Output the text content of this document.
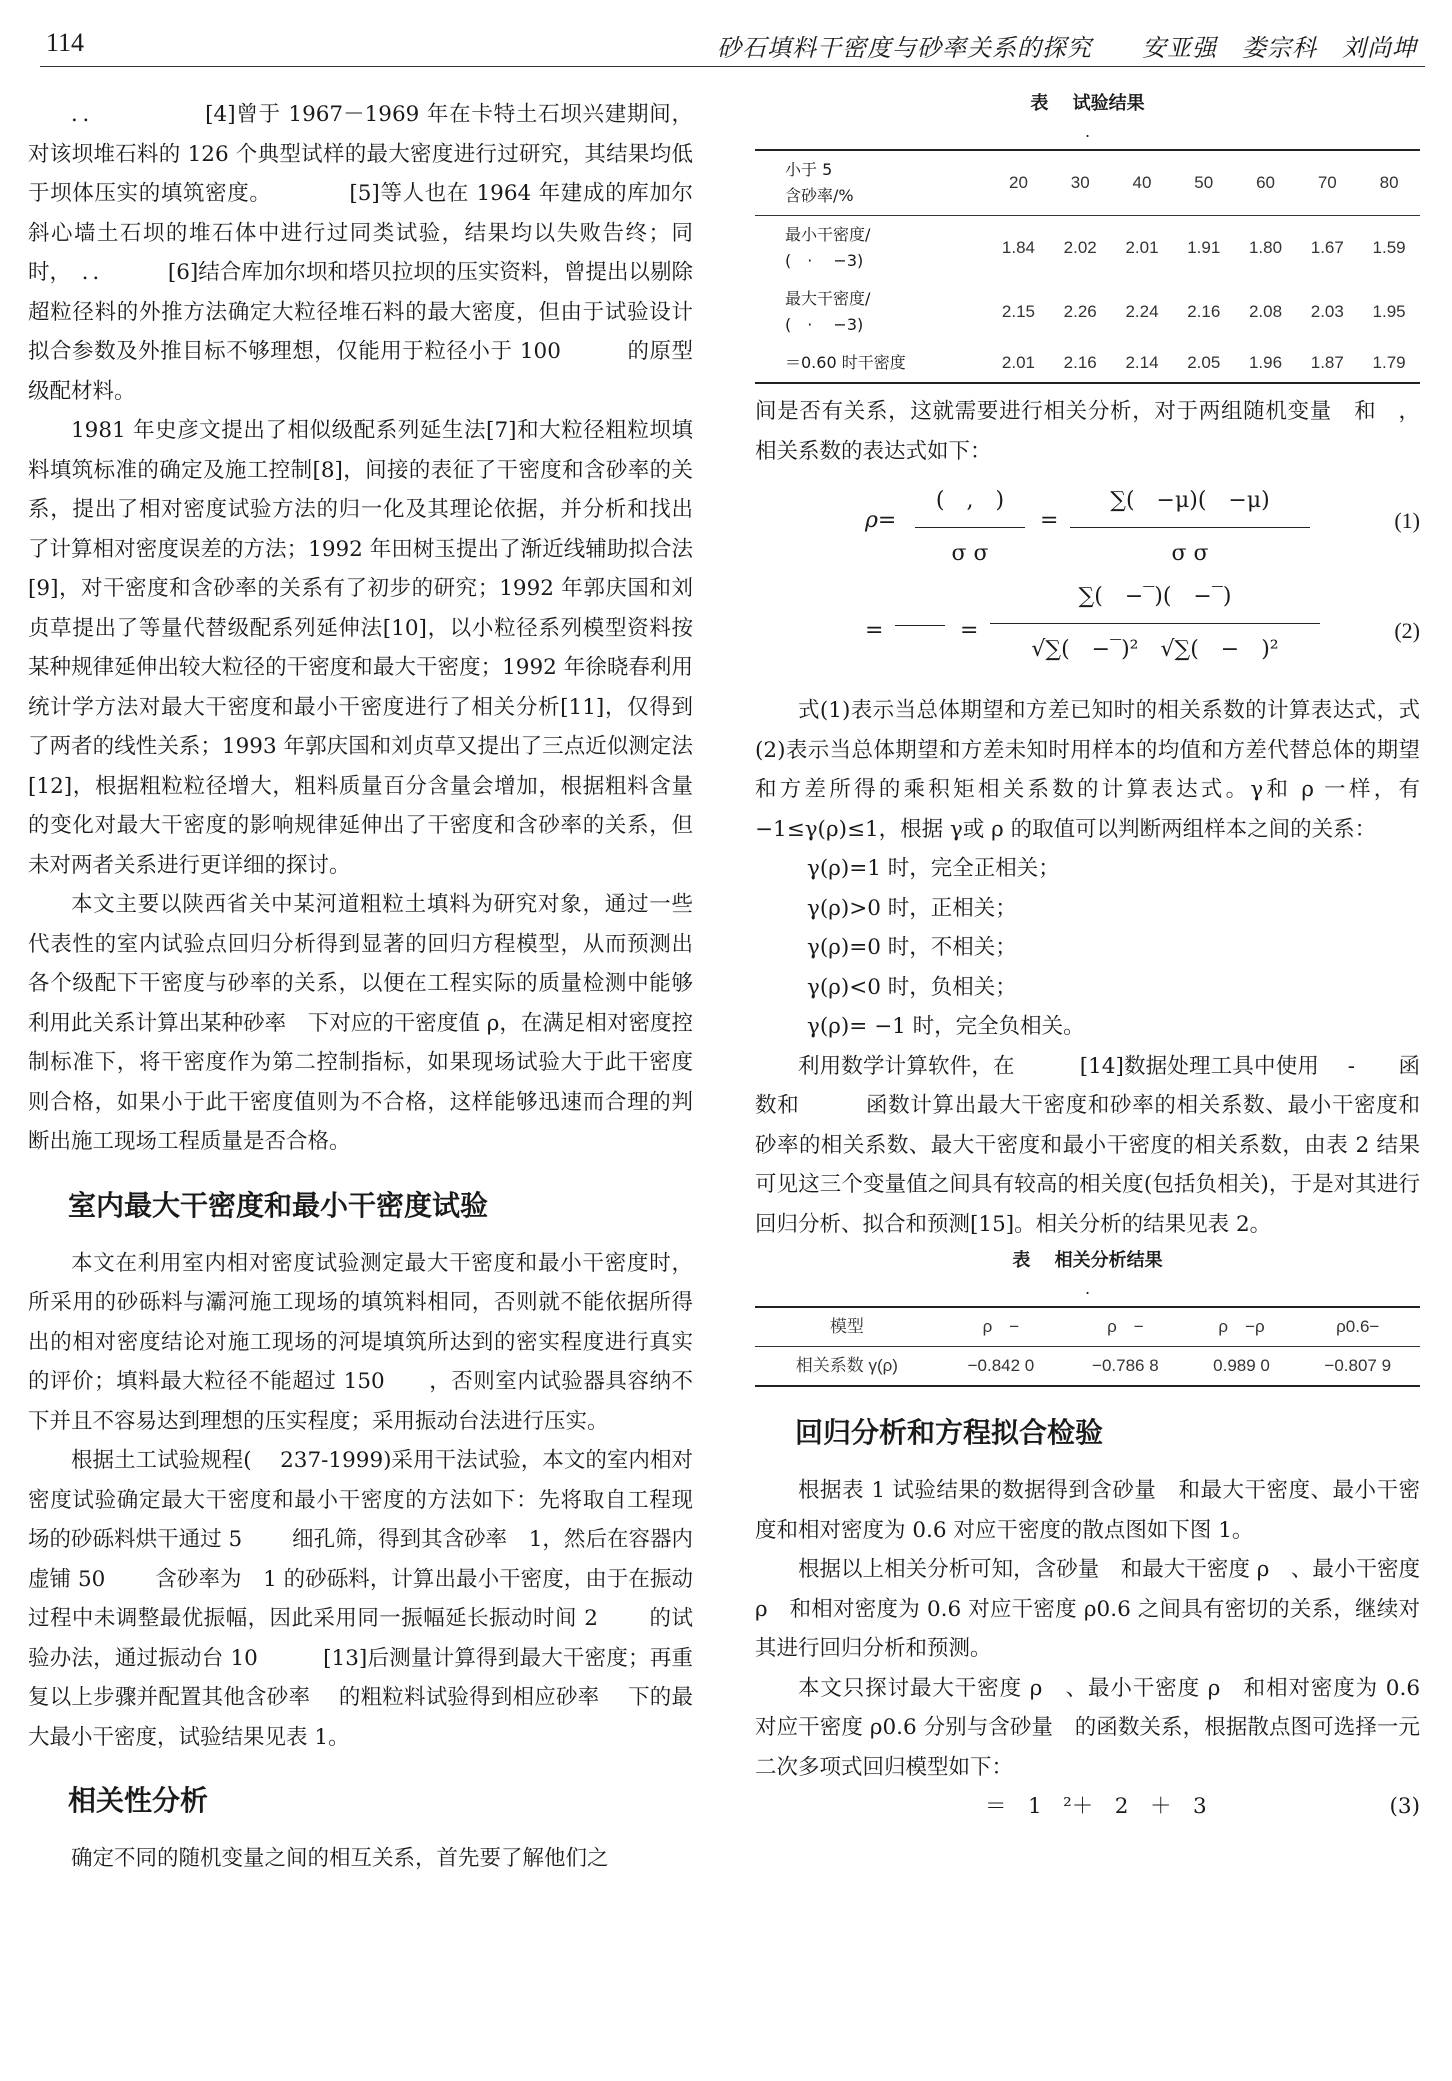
114	砂石填料干密度与砂率关系的探究　　安亚强　娄宗科　刘尚坤

．．　　　　　[4]曾于 1967－1969 年在卡特土石坝兴建期间，对该坝堆石料的 126 个典型试样的最大密度进行过研究，其结果均低于坝体压实的填筑密度。　　　　[5]等人也在 1964 年建成的库加尔斜心墙土石坝的堆石体中进行过同类试验，结果均以失败告终；同时，　．．　　　[6]结合库加尔坝和塔贝拉坝的压实资料，曾提出以剔除超粒径料的外推方法确定大粒径堆石料的最大密度，但由于试验设计拟合参数及外推目标不够理想，仅能用于粒径小于 100　　　的原型级配材料。

1981 年史彦文提出了相似级配系列延生法[7]和大粒径粗粒坝填料填筑标准的确定及施工控制[8]，间接的表征了干密度和含砂率的关系，提出了相对密度试验方法的归一化及其理论依据，并分析和找出了计算相对密度误差的方法；1992 年田树玉提出了渐近线辅助拟合法[9]，对干密度和含砂率的关系有了初步的研究；1992 年郭庆国和刘贞草提出了等量代替级配系列延伸法[10]，以小粒径系列模型资料按某种规律延伸出较大粒径的干密度和最大干密度；1992 年徐晓春利用统计学方法对最大干密度和最小干密度进行了相关分析[11]，仅得到了两者的线性关系；1993 年郭庆国和刘贞草又提出了三点近似测定法[12]，根据粗粒粒径增大，粗料质量百分含量会增加，根据粗料含量的变化对最大干密度的影响规律延伸出了干密度和含砂率的关系，但未对两者关系进行更详细的探讨。

本文主要以陕西省关中某河道粗粒土填料为研究对象，通过一些代表性的室内试验点回归分析得到显著的回归方程模型，从而预测出各个级配下干密度与砂率的关系，以便在工程实际的质量检测中能够利用此关系计算出某种砂率　下对应的干密度值 ρ，在满足相对密度控制标准下，将干密度作为第二控制指标，如果现场试验大于此干密度则合格，如果小于此干密度值则为不合格，这样能够迅速而合理的判断出施工现场工程质量是否合格。

室内最大干密度和最小干密度试验

本文在利用室内相对密度试验测定最大干密度和最小干密度时，所采用的砂砾料与灞河施工现场的填筑料相同，否则就不能依据所得出的相对密度结论对施工现场的河堤填筑所达到的密实程度进行真实的评价；填料最大粒径不能超过 150　　，否则室内试验器具容纳不下并且不容易达到理想的压实程度；采用振动台法进行压实。

根据土工试验规程(　 237-1999)采用干法试验，本文的室内相对密度试验确定最大干密度和最小干密度的方法如下：先将取自工程现场的砂砾料烘干通过 5　　 细孔筛，得到其含砂率　1，然后在容器内虚铺 50　　 含砂率为　1 的砂砾料，计算出最小干密度，由于在振动过程中未调整最优振幅，因此采用同一振幅延长振动时间 2　　 的试验办法，通过振动台 10　　　[13]后测量计算得到最大干密度；再重复以上步骤并配置其他含砂率　 的粗粒料试验得到相应砂率　 下的最大最小干密度，试验结果见表 1。

相关性分析

确定不同的随机变量之间的相互关系，首先要了解他们之

表　 试验结果
.
小于 5
含砂率/%	20	30	40	50	60	70	80

最小干密度/
(　·　 −3)	1.84	2.02	2.01	1.91	1.80	1.67	1.59

最大干密度/
(　·　 −3)	2.15	2.26	2.24	2.16	2.08	2.03	1.95
＝0.60 时干密度	2.01	2.16	2.14	2.05	1.96	1.87	1.79

间是否有关系，这就需要进行相关分析，对于两组随机变量　和　，相关系数的表达式如下：

ρ=
(　,　)
σ σ
= $\frac{\sum( -\mu)( -\mu)}{\text{σ σ}}$	(1)
=	=
∑(　−‾)(　−‾)
√∑(　−‾)²　√∑(　−　)²
(2)

式(1)表示当总体期望和方差已知时的相关系数的计算表达式，式(2)表示当总体期望和方差未知时用样本的均值和方差代替总体的期望和方差所得的乘积矩相关系数的计算表达式。γ和 ρ 一样，有 −1≤γ(ρ)≤1，根据 γ或 ρ 的取值可以判断两组样本之间的关系：

γ(ρ)=1 时，完全正相关；
γ(ρ)>0 时，正相关；
γ(ρ)=0 时，不相关；
γ(ρ)<0 时，负相关；
γ(ρ)= −1 时，完全负相关。

利用数学计算软件，在　　　[14]数据处理工具中使用　 -　　函数和　　　函数计算出最大干密度和砂率的相关系数、最小干密度和砂率的相关系数、最大干密度和最小干密度的相关系数，由表 2 结果可见这三个变量值之间具有较高的相关度(包括负相关)，于是对其进行回归分析、拟合和预测[15]。相关分析的结果见表 2。

表　 相关分析结果
.
模型	ρ　−	ρ　−	ρ　−ρ	ρ0.6−
相关系数 γ(ρ)	−0.842 0	−0.786 8	0.989 0	−0.807 9
回归分析和方程拟合检验

根据表 1 试验结果的数据得到含砂量　和最大干密度、最小干密度和相对密度为 0.6 对应干密度的散点图如下图 1。

根据以上相关分析可知，含砂量　和最大干密度 ρ　、最小干密度 ρ　和相对密度为 0.6 对应干密度 ρ0.6 之间具有密切的关系，继续对其进行回归分析和预测。

本文只探讨最大干密度 ρ　、最小干密度 ρ　和相对密度为 0.6 对应干密度 ρ0.6 分别与含砂量　的函数关系，根据散点图可选择一元二次多项式回归模型如下：

＝　1　²＋　2　＋　3	(3)
